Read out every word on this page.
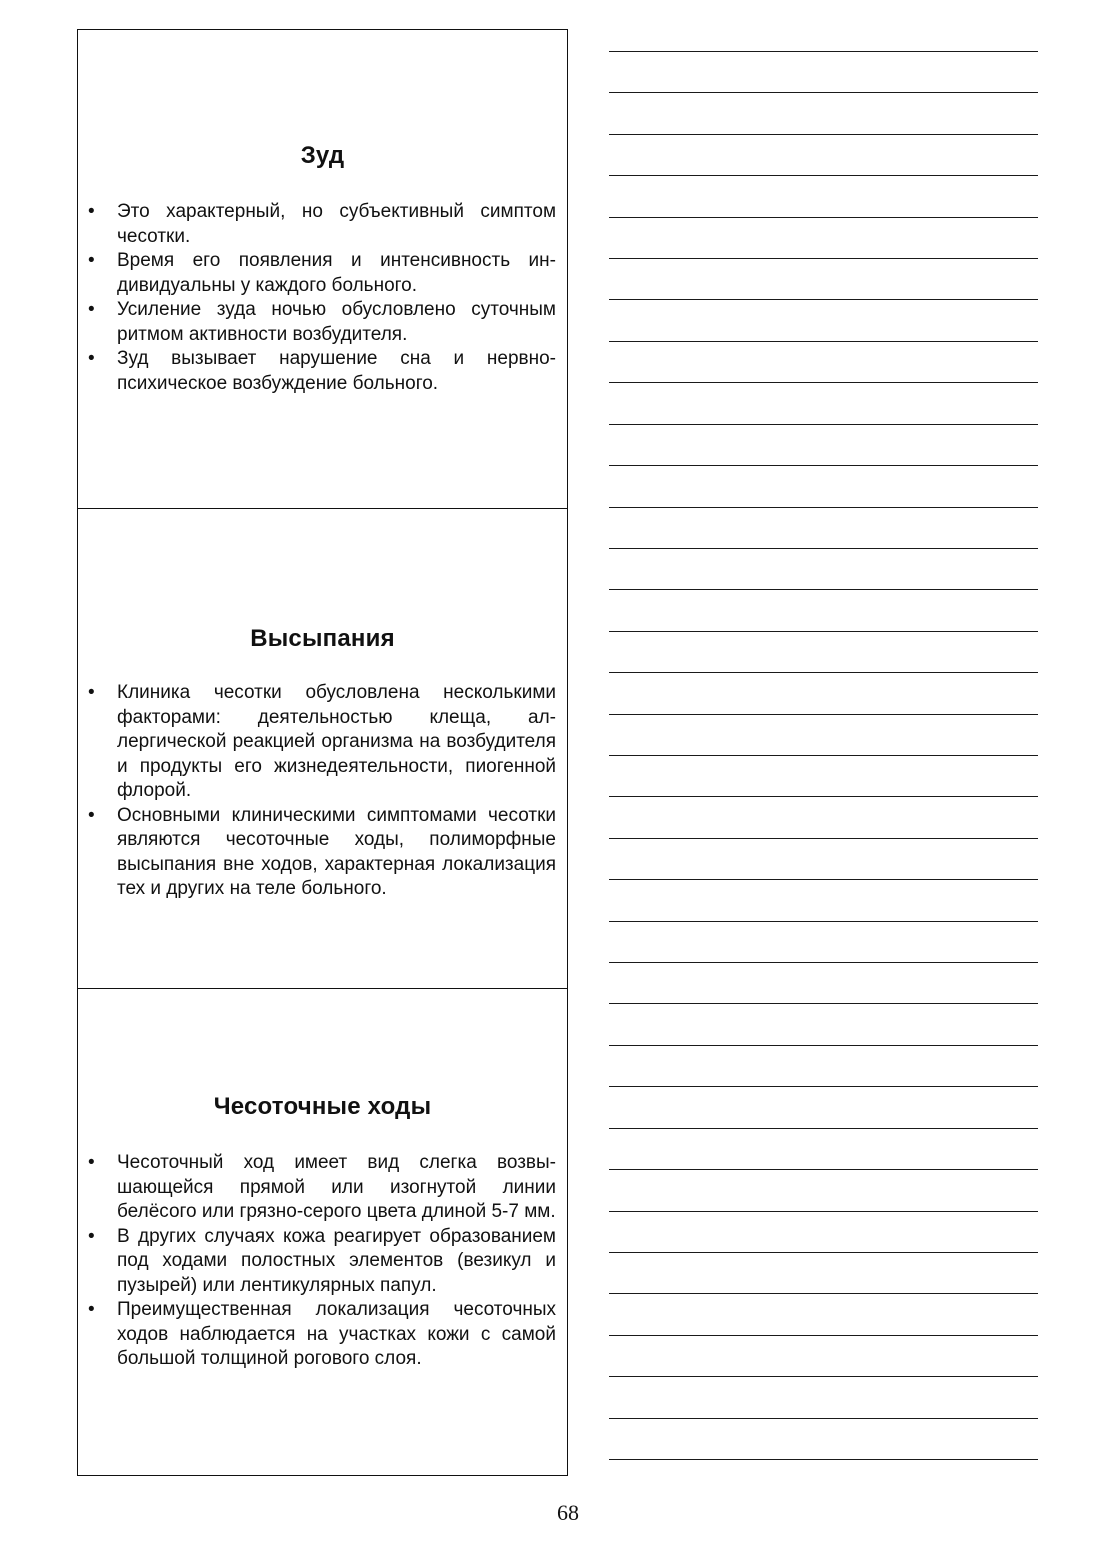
Зуд
• Это характерный, но субъективный симптом чесотки.
• Время его появления и интенсивность индивидуальны у каждого больного.
• Усиление зуда ночью обусловлено суточным ритмом активности возбудителя.
• Зуд вызывает нарушение сна и нервнопсихическое возбуждение больного.
Высыпания
• Клиника чесотки обусловлена несколькими факторами: деятельностью клеща, аллергической реакцией организма на возбудителя и продукты его жизнедеятельности, пиогенной флорой.
• Основными клиническими симптомами чесотки являются чесоточные ходы, полиморфные высыпания вне ходов, характерная локализация тех и других на теле больного.
Чесоточные ходы
• Чесоточный ход имеет вид слегка возвышающейся прямой или изогнутой линии белёсого или грязно-серого цвета длиной 5-7 мм.
• В других случаях кожа реагирует образованием под ходами полостных элементов (везикул и пузырей) или лентикулярных папул.
• Преимущественная локализация чесоточных ходов наблюдается на участках кожи с самой большой толщиной рогового слоя.
68
